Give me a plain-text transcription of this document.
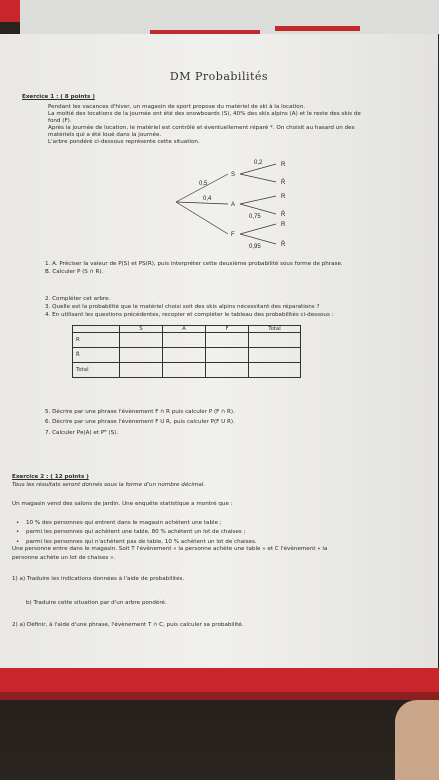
DM Probabilités
Exercice 1 : ( 8 points )
Pendant les vacances d'hiver, un magasin de sport propose du matériel de ski à la location.
La moitié des locations de la journée ont été des snowboards (S), 40% des skis alpins (A) et le reste des skis de
fond (F).
Après la journée de location, le matériel est contrôlé et éventuellement réparé *. On choisit au hasard un des
matériels qui a été loué dans la journée.
L'arbre pondéré ci-dessous représente cette situation.
S
A
F
R
R̄
R
R̄
R
R̄
0,5
0,4
0,2
0,75
0,95
1. A. Préciser la valeur de P(S) et PS(R), puis interpréter cette deuxième probabilité sous forme de phrase.
B. Calculer P (S ∩ R).
2. Compléter cet arbre.
3. Quelle est la probabilité que le matériel choisi soit des skis alpins nécessitant des réparations ?
4. En utilisant les questions précédentes, recopier et compléter le tableau des probabilités ci-dessous :
	S	A	F	Total
R				
R̄				
Total				
5. Décrire par une phrase l'évènement F ∩ R puis calculer P (F ∩ R).
6. Décrire par une phrase l'évènement F U R, puis calculer P(F U R).
7. Calculer Pʀ(A) et Pᴿ̄ (S).
Exercice 2 : ( 12 points )
Tous les résultats seront donnés sous la forme d'un nombre décimal.
Un magasin vend des salons de jardin. Une enquête statistique a montré que :
• 10 % des personnes qui entrent dans le magasin achètent une table ;
• parmi les personnes qui achètent une table, 80 % achètent un lot de chaises ;
• parmi les personnes qui n'achètent pas de table, 10 % achètent un lot de chaises.
Une personne entre dans le magasin. Soit T l'évènement « la personne achète une table » et C l'évènement « la
personne achète un lot de chaises ».
1) a) Traduire les indications données à l'aide de probabilités.
b) Traduire cette situation par d'un arbre pondéré.
2) a) Définir, à l'aide d'une phrase, l'évènement T ∩ C, puis calculer sa probabilité.
